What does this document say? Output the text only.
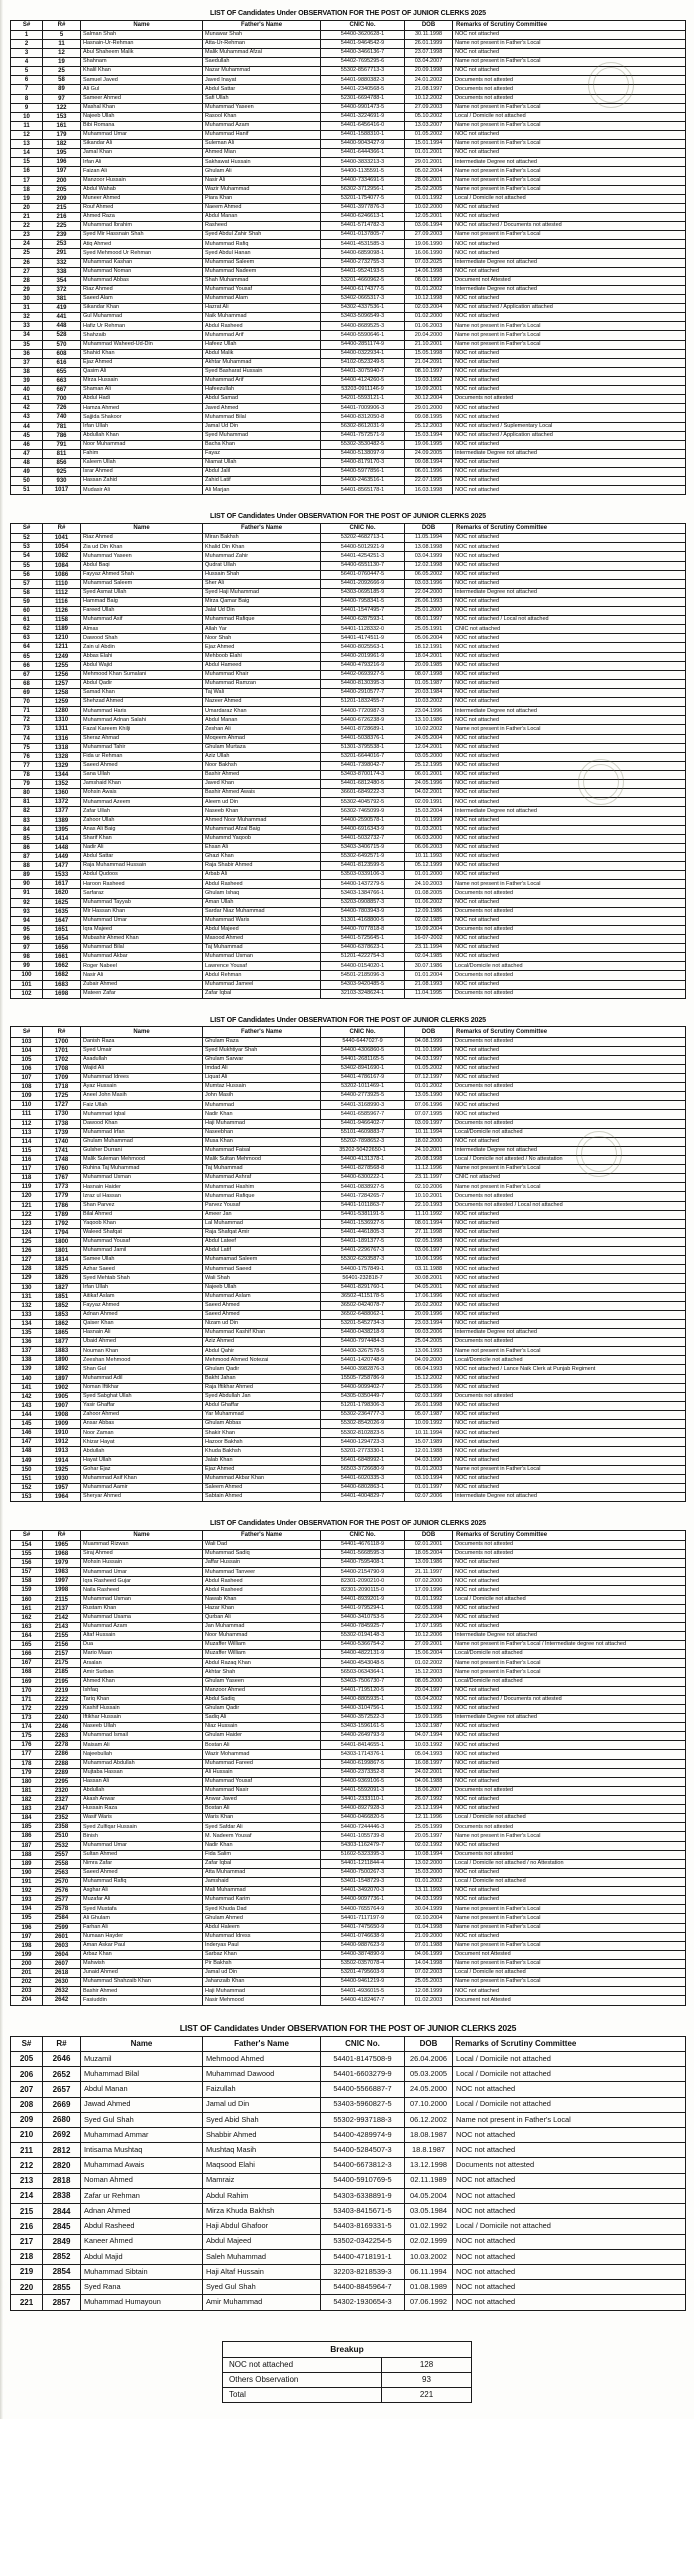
LIST OF Candidates Under OBSERVATION FOR THE POST OF JUNIOR CLERKS 2025
S#	R#	Name	Father's Name	CNIC No.	DOB	Remarks of Scrutiny Committee
1	5	Salman Shah	Munawar Shah	54400-3620628-1	30.11.1998	NOC not attached
2	11	Hasnain-Ur-Rehman	Atta-Ur-Rehman	54401-9464542-9	26.01.1999	Name not present in Father's Local
3	12	Abul Shaheem Malik	Malik Muhammad Afzal	54400-3466136-7	23.07.1998	NOC not attached
4	19	Shahnam	Saedullah	54402-7695295-6	03.04.2007	Name not present in Father's Local
5	25	Khalil Khan	Nazar Muhammad	55302-8567713-3	20.09.1998	NOC not attached
6	58	Samuel Javed	Javed Inayat	54401-9880382-3	24.01.2002	Documents not attested
7	89	Ali Gul	Abdul Sattar	54401-2340568-5	21.08.1997	Documents not attested
8	97	Sameer Ahmed	Safi Ullah	52301-6694788-1	10.12.2002	Documents not attested
9	122	Mashal Khan	Muhammad Yaseen	54400-9901473-5	27.09.2003	Name not present in Father's Local
10	153	Najeeb Ullah	Rasool Khan	54401-3224691-9	05.10.2002	Local / Domicile not attached
11	161	Bibi Romana	Muhammad Azam	54401-6456416-0	13.03.2007	Name not present in Father's Local
12	179	Muhammad Umar	Muhammad Hanif	54401-1588310-1	01.05.2002	NOC not attached
13	182	Sikandar Ali	Suleman Ali	54400-9043427-9	15.01.1994	Name not present in Father's Local
14	195	Jamal Khan	Ahmed Mian	54401-6444366-1	01.01.2001	NOC not attached
15	196	Irfan Ali	Sakhawat Hussain	54400-3833213-3	29.01.2001	Intermediate Degree not attached
16	197	Faizan Ali	Ghulam Ali	54400-1135591-5	05.02.2004	Name not present in Father's Local
17	200	Manzoor Hussain	Nasir Ali	54400-7334691-5	28.06.2001	Name not present in Father's Local
18	205	Abdul Wahab	Wazir Muhammad	56302-3712956-1	25.02.2005	Name not present in Father's Local
19	209	Muneer Ahmed	Piara Khan	53201-1754077-5	01.01.1992	Local / Domicile not attached
20	215	Rouf Ahmed	Naeem Ahmed	54401-3977876-3	10.02.2000	NOC not attached
21	216	Ahmed Raza	Abdul Manan	54400-6246613-1	12.05.2001	NOC not attached
22	225	Muhammad Ibrahim	Rasheed	54401-5714782-3	03.06.1994	NOC not attached / Documents not attested
23	239	Syed Mir Hassnain Shah	Syed Abdul Zahir Shah	54401-0137805-7	27.09.2003	Name not present in Father's Local
24	253	Atiq Ahmed	Muhammad Rafiq	54401-4531585-3	19.06.1990	NOC not attached
25	291	Syed Mehmood Ur Rehman	Syed Abdul Hanan	54400-6859098-1	16.06.1990	NOC not attached
26	332	Muhammad Kashan	Muhammad Saleem	54400-2732755-3	07.03.2025	Intermediate Degree not attached
27	338	Muhammad Noman	Muhammad Nadeem	54401-9524193-5	14.06.1998	NOC not attached
28	354	Muhammad Abbas	Shah Muhammad	53201-4660962-5	08.01.1999	Document not Attested
29	372	Riaz Ahmed	Muhammad Yousaf	54400-6174377-5	01.01.2002	Intermediate Degree not attached
30	381	Saeed Alam	Muhammad Alam	53402-0665317-3	10.12.1998	NOC not attached
31	419	Sikandar Khan	Hazrat Ali	54302-4337536-1	02.03.2004	NOC not attached / Application attached
32	441	Gul Muhammad	Naik Muhammad	53403-5096549-3	01.02.2000	NOC not attached
33	448	Hafiz Ur Rehman	Abdul Rasheed	54400-8689525-3	01.06.2003	Name not present in Father's Local
34	528	Shahzaib	Muhammad Arif	54400-5590646-1	20.04.2000	Name not present in Father's Local
35	570	Muhammad Waheed-Ud-Din	Hafeez Ullah	54400-2851174-9	21.10.2001	Name not present in Father's Local
36	608	Shahid Khan	Abdul Malik	54400-0322934-1	15.05.1998	NOC not attached
37	616	Ejaz Ahmed	Akhtar Muhammad	54102-0523249-5	21.04.2091	NOC not attached
38	655	Qasim Ali	Syed Basharat Hussain	54401-3075940-7	08.10.1997	NOC not attached
39	663	Mirza Hussain	Muhammad Arif	54400-4124260-5	19.03.1992	NOC not attached
40	667	Shaman Ali	Hafeezullah	53203-0911146-9	19.09.2001	NOC not attached
41	700	Abdul Hadi	Abdul Samad	54201-5593121-1	30.12.2004	Documents not attested
42	726	Hamza Ahmed	Javed Ahmed	54401-7009906-3	29.01.2000	NOC not attached
43	740	Sajjida Shakoor	Muhammad Bilal	54400-8312050-8	09.08.1995	NOC not attached
44	781	Irfan Ullah	Jamal Ud Din	56302-8612031-9	25.12.2003	NOC not attached / Suplementary Local
45	786	Abdullah Khan	Syed Muhammad	54401-7572571-9	15.03.1994	NOC not attached / Application attached
46	791	Noor Muhammad	Bacha Khan	55302-3530482-5	19.06.1995	NOC not attached
47	811	Fahim	Fayaz	54400-5138097-9	24.09.2005	Intermediate Degree not attached
48	856	Kaleem Ullah	Niamat Ullah	54400-8179170-3	09.08.1994	NOC not attached
49	925	Israr Ahmed	Abdul Jalil	54400-5977856-1	06.01.1996	NOC not attached
50	930	Hassan Zahid	Zahid Latif	54400-2463516-1	22.07.1995	NOC not attached
51	1017	Mudasir Ali	Ali Marjan	54401-8565178-1	16.03.1998	NOC not attached
LIST OF Candidates Under OBSERVATION FOR THE POST OF JUNIOR CLERKS 2025
S#	R#	Name	Father's Name	CNIC No.	DOB	Remarks of Scrutiny Committee
52	1041	Riaz Ahmed	Miran Bakhsh	53202-4682713-1	11.05.1994	NOC not attached
53	1054	Zia ud Din Khan	Khalid Din Khan	54400-5012921-9	13.08.1998	NOC not attached
54	1082	Muhammad Yaseen	Muhammad Zahir	54401-4254251-3	03.04.1999	NOC not attached
55	1084	Abdul Baqi	Qudrat Ullah	54400-6551130-7	12.02.1998	NOC not attached
56	1086	Fayyaz Ahmed Shah	Hussain Shah	56401-0760447-5	06.05.2002	NOC not attached
57	1110	Muhammad Saleem	Sher Ali	54401-2092666-9	03.03.1996	NOC not attached
58	1112	Syed Asmat Ullah	Syed Haji Muhammad	54303-0695185-9	22.04.2000	Intermediate Degree not attached
59	1116	Hammad Baig	Mirza Qamar Baig	54400-7958341-5	26.06.1993	NOC not attached
60	1126	Fareed Ullah	Jalal Ud Din	54401-1547495-7	25.01.2000	NOC not attached
61	1158	Muhammad Asif	Muhammad Rafique	54400-6287593-1	08.01.1997	NOC not attached / Local not attached
62	1189	Almas	Allah Yar	54401-1128332-0	25.05.1991	CNIC not attached
63	1210	Dawood Shah	Noor Shah	54401-4174511-9	05.06.2004	NOC not attached
64	1211	Zain ul Abdin	Ejaz Ahmed	54400-8025563-1	18.12.1991	NOC not attached
65	1249	Abbas Elahi	Mehboob Elahi	54400-2019961-9	18.04.2001	NOC not attached
66	1255	Abdul Wajid	Abdul Hameed	54400-4793216-9	20.09.1985	NOC not attached
67	1256	Mehmood Khan Sumalani	Muhammad Khair	54402-0693927-5	08.07.1998	NOC not attached
68	1257	Abdul Qadir	Muhammad Ramzan	54400-8130395-3	01.05.1987	NOC not attached
69	1258	Samad Khan	Taj Wali	54400-2910577-7	20.03.1984	NOC not attached
70	1259	Shehzad Ahmed	Nazeer Ahmed	51201-1832455-7	10.03.2002	NOC not attached
71	1280	Muhammad Haris	Umardaraz Khan	54400-7720987-3	23.04.1996	Intermediate Degree not attached
72	1310	Muhammad Adnan Salahi	Abdul Manan	54400-6726238-9	13.10.1986	NOC not attached
73	1311	Fazal Kareem Khilji	Zeshan Ali	54401-8728689-1	10.02.2002	Name not present in Father's Local
74	1316	Sheraz Ahmad	Moqeem Ahmad	54401-5038376-1	24.05.2004	NOC not attached
75	1318	Muhammad Tahir	Ghulam Murtaza	51301-3795538-1	12.04.2001	NOC not attached
76	1328	Fida ur Rehman	Aziz Ullah	53201-6644016-7	03.05.2000	NOC not attached
77	1329	Saeed Ahmed	Noor Bakhsh	54401-7398042-7	25.12.1995	NOC not attached
78	1344	Sana Ullah	Bashir Ahmed	53403-8700174-3	06.01.2001	NOC not attached
79	1352	Jamshaid Khan	Javed Khan	54401-6812480-5	24.05.1996	NOC not attached
80	1360	Mohsin Awais	Bashir Ahmed Awais	36601-6849222-3	04.02.2001	NOC not attached
81	1372	Muhammad Azeem	Aleem ud Din	55302-4045792-5	02.09.1991	NOC not attached
82	1377	Zafar Ullah	Naseeb Khan	56302-7465099-9	15.03.2004	Intermediate Degree not attached
83	1389	Zahoor Ullah	Ahmed Noor Muhammad	54400-2590578-1	01.01.1999	NOC not attached
84	1395	Anas Ali Baig	Muhammad Afzal Baig	54400-6916343-9	01.03.2001	NOC not attached
85	1414	Sharif Khan	Muhammd Yaqoob	54401-5032732-7	06.03.2000	NOC not attached
86	1448	Nadir Ali	Ehsan Ali	53403-3406715-9	06.06.2003	NOC not attached
87	1449	Abdul Sattar	Ghazi Khan	55302-6492571-9	10.11.1993	NOC not attached
88	1477	Raja Muhammad Hussain	Raja Shabir Ahmed	54401-8123599-5	05.12.1999	NOC not attached
89	1533	Abdul Qudoos	Arbab Ali	53503-0339106-3	01.01.2000	NOC not attached
90	1617	Haroon Rasheed	Abdul Rasheed	54400-1437279-5	24.10.2003	Name not present in Father's Local
91	1620	Sarfaraz	Ghulam Ishaq	53403-1384766-1	01.08.2005	Documents not attested
92	1625	Muhammad Tayyab	Aman Ullah	53203-0908857-3	01.06.2002	NOC not attached
93	1635	Mir Hassan Khan	Sardar Niaz Muhammad	54400-7803943-9	12.09.1986	Documents not attested
94	1647	Muhammad Umar	Muhammad Waris	51301-4168800-5	02.02.1985	NOC not attached
95	1651	Iqra Majeed	Abdul Majeed	54400-7077818-8	19.09.2004	Documents not attested
96	1654	Mubashir Ahmed Khan	Masood Ahmed	54401-5725645-1	16-07-2002	NOC not attached
97	1656	Muhammad Bilal	Taj Muhammad	54400-6378623-1	23.11.1994	NOC not attached
98	1661	Muhammad Akbar	Muhammad Usman	51201-4222754-3	02.04.1985	NOC not attached
99	1662	Roger Nabeel	Lawrence Yousaf	54400-0154020-1	30.07.1986	Local/Domicile not attached
100	1682	Nasir Ali	Abdul Rehman	54501-2185096-3	01.01.2004	Documents not attested
101	1683	Zubair Ahmed	Muhammad Jameel	54303-9420485-5	21.08.1993	NOC not attached
102	1698	Mateen Zafar	Zafar Iqbal	32103-3248624-1	11.04.1995	Documents not attested
LIST OF Candidates Under OBSERVATION FOR THE POST OF JUNIOR CLERKS 2025
S#	R#	Name	Father's Name	CNIC No.	DOB	Remarks of Scrutiny Committee
103	1700	Danish Raza	Ghulam Raza	5440-6447027-9	04.08.1999	Documents not attested
104	1701	Syed Umair	Syed Mukhtiyar Shah	54400-4306860-5	01.10.1996	NOC not attached
105	1702	Asadullah	Ghulam Sarwar	54401-2681165-5	04.03.1997	NOC not attached
106	1708	Wajid Ali	Imdad Ali	53402-8941690-1	01.05.2002	NOC not attached
107	1709	Muhammad Idrees	Liquat Ali	54401-4786167-9	07.12.1997	NOC not attached
108	1718	Ayaz Hussain	Mumtaz Hussain	53202-1011469-1	01.01.2002	Documents not attested
109	1725	Aneel John Masih	John Masih	54400-2773925-5	13.05.1990	NOC not attached
110	1727	Faiz Ullah	Muhammad	54401-3168990-3	07.06.1996	NOC not attached
111	1730	Muhammad Iqbal	Nadir Khan	54401-6585967-7	07.07.1995	NOC not attached
112	1738	Dawood Khan	Haji Muhammad	54401-9466402-7	03.09.1997	Documents not attested
113	1739	Muhammad Irfan	Naseebhan	55101-4609883-7	10.11.1994	Local/Domicile not attached
114	1740	Ghulam Muhammad	Musa Khan	55202-7898652-3	18.02.2000	NOC not attached
115	1741	Gulsher Durrani	Muhammad Faisal	35202-50422650-1	24.10.2001	Intermediate Degree not attached
116	1748	Malik Suleman Mehmood	Malik Sultan Mehmood	54400-4131378-1	20.08.1998	Local / Domicile not attested / No attestation
117	1760	Ruhina Taj Muhammad	Taj Muhammad	54401-8278568-8	11.12.1996	Name not present in Father's Local
118	1767	Muhammad Usman	Muhammad Ashraf	54400-6300222-1	23.11.1997	CNIC not attached
119	1773	Hasnain Haider	Muhammad Hashim	54401-0838927-5	02.10.2006	Name not present in Father's Local
120	1779	Izraz ul Hassan	Muhammad Rafique	54401-7284265-7	10.10.2001	Documents not attested
121	1786	Shan Parvez	Parvez Yousaf	54401-1011863-7	22.10.1993	Documents not attested / Local not attached
122	1789	Bilal Ahmed	Ameer Jan	54401-5381191-5	11.10.1992	NOC not attached
123	1792	Yaqoob Khan	Lal Muhammad	54401-1536927-5	08.01.1994	NOC not attached
124	1794	Waleed Shafqat	Raja Shafqat Amir	54401-4461805-3	27.11.1998	NOC not attached
125	1800	Muhammad Yousaf	Abdul Lateef	54401-1891377-5	02.05.1998	NOC not attached
126	1801	Muhammad Jamil	Abdul Latif	54401-2296767-3	03.06.1997	NOC not attached
127	1814	Samee Ullah	Muhamamad Saleem	55302-6293587-3	10.06.1996	NOC not attached
128	1825	Azhar Saeed	Muhammad Saeed	54400-1757849-1	03.11.1988	NOC not attached
129	1826	Syed Mehtab Shah	Wali Shah	56401-232818-7	30.08.2001	NOC not attached
130	1827	Irfan Ullah	Najeeb Ullah	54401-8291760-1	04.05.2001	NOC not attached
131	1851	Aitikaf Aslam	Muhammad Aslam	36502-4115178-5	17.06.1996	NOC not attached
132	1852	Fayyaz Ahmed	Saeed Ahmed	36502-0424078-7	20.02.2002	NOC not attached
133	1853	Adnan Ahmed	Saeed Ahmed	36502-6488062-1	20.09.1996	NOC not attached
134	1862	Qaiser Khan	Nizam ud Din	53201-5452734-3	23.03.1994	NOC not attached
135	1865	Hasnain Ali	Muhammad Kashif Khan	54400-0438218-9	09.03.2006	Intermediate Degree not attached
136	1877	Ubaid Ahmed	Aziz Ahmed	54400-7974484-3	25.04.2005	Documents not attested
137	1883	Nouman Khan	Abdul Qahir	54400-3267578-5	13.06.1993	Name not present in Father's Local
138	1890	Zeeshan Mehmood	Mehmood Ahmed Notezai	54401-1420748-9	04.09.2000	Local/Domicile not attached
139	1892	Shan Gul	Ghulam Qadir	54400-3982876-3	08.04.1993	NOC not attached / Lance Naik Clerk at Punjab Regiment
140	1897	Muhammad Adil	Bakht Jahan	15505-7258786-9	15.12.2002	NOC not attached
141	1902	Noman Iftikhar	Raja Iftikhar Ahmed	54400-9099402-7	25.03.1996	NOC not attached
142	1905	Syed Sabghat Ullah	Syed Abdullah Jan	54305-0350449-7	02.03.1999	Documents not attested
143	1907	Yasir Ghaffar	Abdul Ghaffar	51201-1798306-3	26.01.1998	NOC not attached
144	1908	Zahoor Ahmed	Yar Muhammad	55302-2364777-3	05.07.1987	NOC not attached
145	1909	Ansar Abbas	Ghulam Abbas	55302-8542026-9	10.09.1992	NOC not attached
146	1910	Noor Zaman	Shakir Khan	55302-8102823-5	10.11.1994	NOC not attached
147	1912	Khizar Hayat	Hazoor Bakhsh	54400-1294723-3	15.07.1989	NOC not attached
148	1913	Abdullah	Khuda Bakhsh	53201-2773330-1	12.01.1988	NOC not attached
149	1914	Hayat Ullah	Jalab Khan	56401-6848992-1	04.03.1990	NOC not attached
150	1925	Gohar Ejaz	Ejaz Ahmed	56503-3726680-9	01.01.2003	Name not present in Father's Local
151	1930	Muhammad Asif Khan	Muhammad Akbar Khan	54401-6020335-3	03.10.1994	NOC not attached
152	1957	Muhammad Aamir	Saleem Ahmed	54400-6802863-1	01.01.1997	NOC not attached
153	1964	Sheryar Ahmed	Sabtain Ahmed	54401-4004829-7	02.07.2006	Intermediate Degree not attached
LIST OF Candidates Under OBSERVATION FOR THE POST OF JUNIOR CLERKS 2025
S#	R#	Name	Father's Name	CNIC No.	DOB	Remarks of Scrutiny Committee
154	1965	Muammad Rizwan	Wali Dad	54401-4676118-9	02.01.2001	Documents not attested
155	1968	Siraj Ahmed	Muhammad Sadiq	54401-5668595-3	18.05.2004	Documents not attested
156	1979	Mohsin Hussain	Jaffar Hussain	54400-7595408-1	13.09.1986	NOC not attached
157	1983	Muhammad Umar	Muhammad Tanveer	54400-2154790-9	21.11.1997	NOC not attached
158	1997	Iqra Rasheed Gujar	Abdul Rasheed	82301-2090210-0	07.02.2000	NOC not attached
159	1998	Naila Rasheed	Abdul Rasheed	82301-2090115-0	17.09.1996	NOC not attached
160	2115	Muhammad Usman	Nawab Khan	54401-8939201-9	01.01.1992	Local / Domicile not attached
161	2137	Rustam Khan	Hazar Khan	54401-9795294-1	02.05.1998	NOC not attached
162	2142	Muhammad Usama	Qurban Ali	54400-3410753-5	22.02.2004	NOC not attached
163	2143	Muhammad Azam	Jan Muhammad	54400-7845925-7	17.07.1995	NOC not attached
164	2155	Altaf Hussain	Noor Muhammad	55302-0194148-3	10.12.2006	Intermediate Degree not attached
165	2156	Dua	Muzaffer William	54400-5366754-2	27.09.2001	Name not present in Father's Local / Intermediate degree not attached
166	2157	Mario Maan	Muzaffer William	54400-4822131-9	15.06.2004	Local/Domicile not attached
167	2175	Arsalan	Abdul Razaq Khan	54400-4543048-5	01.02.2002	Name not present in Father's Local
168	2185	Amir Surban	Akhtar Shah	56503-0634364-1	15.12.2003	Name not present in Father's Local
169	2195	Ahmed Khan	Ghulam Yaseen	53403-7506730-7	08.05.2000	Local/Domicile not attached
170	2219	Ishfaq	Manzoor Ahmed	54401-7195120-5	20.04.1997	NOC not attached
171	2222	Tariq Khan	Abdul Sadiq	54400-8805935-1	03.04.2002	NOC not attached / Documents not attested
172	2229	Kashif Hussain	Ghulam Qadir	54400-3104756-1	15.02.1992	NOC not attached
173	2240	Iftikhar Hussain	Sadiq Ali	54400-3572522-3	19.09.1995	Intermediate Degree not attached
174	2246	Naseeb Ullah	Niaz Hussain	53403-1596161-5	13.02.1987	NOC not attached
175	2263	Muhammad Ismail	Ghulam Haider	54400-2649793-9	04.07.1994	NOC not attached
176	2278	Maisam Ali	Bostan Ali	54401-8414655-1	10.03.1992	NOC not attached
177	2286	Najeebullah	Wazir Mohammad	54303-1714376-1	05.04.1993	NOC not attached
178	2288	Muhammad Abdullah	Muhammad Fareed	54400-6199867-5	16.08.1997	NOC not attached
179	2289	Mujtaba Hassan	Ali Hussain	54400-2373352-8	24.02.2001	NOC not attached
180	2295	Hassan Ali	Muhammad Yousaf	54400-9369106-5	04.06.1988	NOC not attached
181	2320	Abdullah	Muhammad Nasir	54401-5592091-3	18.06.2007	Documents not attested
182	2327	Akash Anwar	Anwar Javed	54401-2333110-1	26.07.1992	NOC not attached
183	2347	Hussain Raza	Bostan Ali	54400-8927928-3	23.12.1994	NOC not attached
184	2352	Wasif Waris	Waris Khan	54400-0466820-5	12.11.1996	Local / Domicile not attached
185	2358	Syed Zulfiqar Hussain	Syed Safdar Ali	54400-7244446-3	25.05.1999	Documents not attested
186	2510	Binish	M. Nadeem Yousaf	54401-1055739-8	20.05.1997	Name not present in Father's Local
187	2532	Muhammad Umar	Nadir Khan	54303-1162479-7	02.02.1992	NOC not attached
188	2557	Sultan Ahmed	Fida Salim	51602-5323395-3	10.08.1994	Documents not attested
189	2558	Nimra Zafar	Zafar Iqbal	54401-1211844-4	13.02.2000	Local / Domicile not attached / no Attestation
190	2563	Saeed Ahmed	Atta Muhammad	54400-7500267-3	15.03.2000	NOC not attached
191	2570	Muhammad Rafiq	Jamshaid	53401-1548729-3	01.01.2002	Local / Domicile not attached
192	2576	Asghar Ali	Mali Muhammad	54401-3492070-3	13.11.1993	NOC not attached
193	2577	Muzafar Ali	Muhammad Karim	54400-9097736-1	04.03.1999	NOC not attached
194	2578	Syed Mustafa	Syed Khuda Dad	54400-7655764-9	30.04.1999	Name not present in Father's Local
195	2584	Ali Ghulam	Ghulam Ahmed	54401-7117197-9	02.10.2004	Name not present in Father's Local
196	2599	Farhan Ali	Abdul Haleem	54401-7475650-9	01.04.1998	Name not present in Father's Local
197	2601	Numaan Hayder	Muhammad Idress	54401-0746638-9	21.09.2000	NOC not attached
198	2603	Aman Askar Paul	Inderyas Paul	54400-9887623-9	07.01.1988	Name not present in Father's Local
199	2604	Arbaz Khan	Sarbaz Khan	54400-3874890-9	04.06.1999	Document not Attested
200	2607	Mahwish	Pir Bakhsh	53502-0357078-4	14.04.1998	Name not present in Father's Local
201	2618	Junaid Ahmed	Jamal ud Din	53201-4795603-9	07.02.2003	Local / Domicile not attached
202	2630	Muhammad Shahzaib Khan	Jahanzaib Khan	54400-9461219-9	25.05.2003	Name not present in Father's Local
203	2632	Bashir Ahmed	Haji Muhammad	54401-4936015-5	12.08.1999	NOC not attached
204	2642	Fasiuddin	Nasir Mehmood	54400-4182467-7	01.02.2003	Document not Attested
LIST OF Candidates Under OBSERVATION FOR THE POST OF JUNIOR CLERKS 2025
S#	R#	Name	Father's Name	CNIC No.	DOB	Remarks of Scrutiny Committee
205	2646	Muzamil	Mehmood Ahmed	54401-8147508-9	26.04.2006	Local / Domicile not attached
206	2652	Muhammad Bilal	Muhammad Dawood	54401-6603279-9	05.03.2005	Local / Domicile not attached
207	2657	Abdul Manan	Faizullah	54400-5566887-7	24.05.2000	NOC not attached
208	2669	Jawad Ahmed	Jamal ud Din	53403-5960827-5	07.10.2000	Local / Domicile not attached
209	2680	Syed Gul Shah	Syed Abid Shah	55302-9937188-3	06.12.2002	Name not present in Father's Local
210	2692	Muhammad Ammar	Shabbir Ahmed	54400-4289974-9	18.08.1987	NOC not attached
211	2812	Intisama Mushtaq	Mushtaq Masih	54400-5284507-3	18.8.1987	NOC not attached
212	2820	Muhammad Awais	Maqsood Elahi	54400-6673812-3	13.12.1998	Documents not attested
213	2818	Noman Ahmed	Mamraiz	54400-5910769-5	02.11.1989	NOC not attached
214	2838	Zafar ur Rehman	Abdul Rahim	54303-6338891-9	04.05.2004	NOC not attached
215	2844	Adnan Ahmed	Mirza Khuda Bakhsh	53403-8415671-5	03.05.1984	NOC not attached
216	2845	Abdul Rasheed	Haji Abdul Ghafoor	54403-8169331-5	01.02.1992	Local / Domicile not attached
217	2849	Kaneer Ahmed	Abdul Majeed	53502-0342254-5	02.02.1999	NOC not attached
218	2852	Abdul Majid	Saleh Muhammad	54400-4718191-1	10.03.2002	NOC not attached
219	2854	Muhammad Sibtain	Haji Altaf Hussain	32203-8218539-3	06.11.1994	NOC not attached
220	2855	Syed Rana	Syed Gul Shah	54400-8845964-7	01.08.1989	NOC not attached
221	2857	Muhammad Humayoun	Amir Muhammad	54302-1930654-3	07.06.1992	NOC not attached
Breakup	
NOC not attached	128
Others Observation	93
Total	221
